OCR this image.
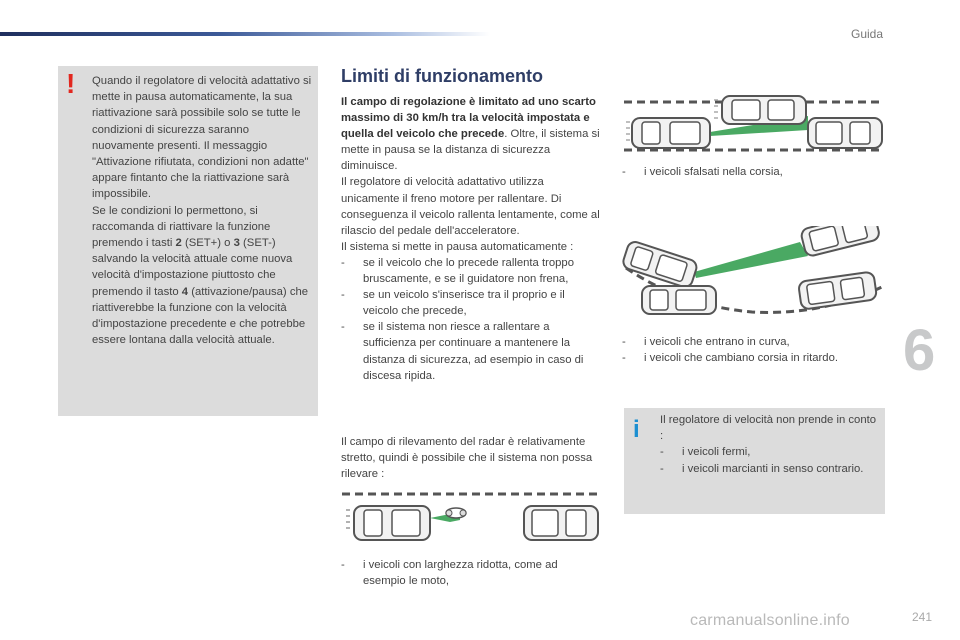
Guida
6
! Quando il regolatore di velocità adattativo si mette in pausa automaticamente, la sua riattivazione sarà possibile solo se tutte le condizioni di sicurezza saranno nuovamente presenti. Il messaggio "Attivazione rifiutata, condizioni non adatte" appare fintanto che la riattivazione sarà impossibile.
Se le condizioni lo permettono, si raccomanda di riattivare la funzione premendo i tasti 2 (SET+) o 3 (SET-) salvando la velocità attuale come nuova velocità d'impostazione piuttosto che premendo il tasto 4 (attivazione/pausa) che riattiverebbe la funzione con la velocità d'impostazione precedente e che potrebbe essere lontana dalla velocità attuale.
Limiti di funzionamento

Il campo di regolazione è limitato ad uno scarto massimo di 30 km/h tra la velocità impostata e quella del veicolo che precede. Oltre, il sistema si mette in pausa se la distanza di sicurezza diminuisce.

Il regolatore di velocità adattativo utilizza unicamente il freno motore per rallentare. Di conseguenza il veicolo rallenta lentamente, come al rilascio del pedale dell'acceleratore.

Il sistema si mette in pausa automaticamente :

- se il veicolo che lo precede rallenta troppo bruscamente, e se il guidatore non frena,
- se un veicolo s'inserisce tra il proprio e il veicolo che precede,
- se il sistema non riesce a rallentare a sufficienza per continuare a mantenere la distanza di sicurezza, ad esempio in caso di discesa ripida.
Il campo di rilevamento del radar è relativamente stretto, quindi è possibile che il sistema non possa rilevare :
- i veicoli con larghezza ridotta, come ad esempio le moto,
- i veicoli sfalsati nella corsia,
- i veicoli che entrano in curva,
- i veicoli che cambiano corsia in ritardo.
i Il regolatore di velocità non prende in conto :
- i veicoli fermi,
- i veicoli marcianti in senso contrario.
carmanualsonline.info	241
